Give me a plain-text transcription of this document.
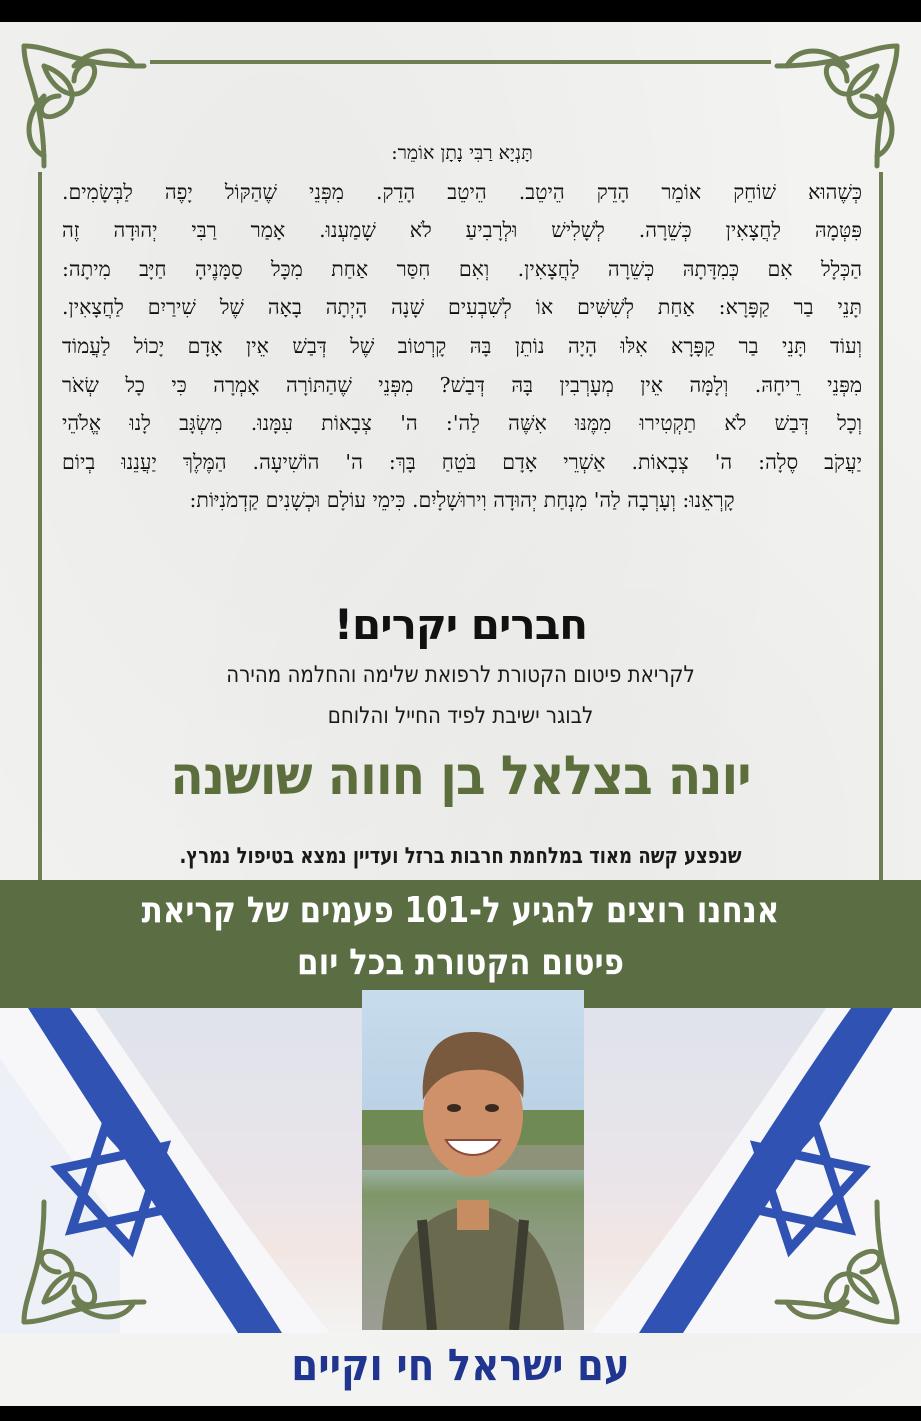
תָּנְיָא רַבִּי נָתָן אוֹמֵר:
כְּשֶׁהוּא שׁוֹחֵק אוֹמֵר הָדֵק הֵיטֵב. הֵיטֵב הָדֵק. מִפְּנֵי שֶׁהַקּוֹל יָפֶה לַבְּשָׂמִים.
פִּטְּמָהּ לַחֲצָאִין כְּשֵׁרָה. לְשָׁלִישׁ וּלְרָבִיעַ לֹא שָׁמַעְנוּ. אָמַר רַבִּי יְהוּדָה זֶה
הַכְּלָל אִם כְּמִדָּתָהּ כְּשֵׁרָה לַחֲצָאִין. וְאִם חִסַּר אַחַת מִכָּל סַמָּנֶיהָ חַיָּב מִיתָה:
תָּנֵי בַר קַפָּרָא: אַחַת לְשִׁשִּׁים אוֹ לְשִׁבְעִים שָׁנָה הָיְתָה בָאָה שֶׁל שִׁירַיִם לַחֲצָאִין.
וְעוֹד תָּנֵי בַר קַפָּרָא אִלּוּ הָיָה נוֹתֵן בָּהּ קָרְטוֹב שֶׁל דְּבַשׁ אֵין אָדָם יָכוֹל לַעֲמוֹד
מִפְּנֵי רֵיחָהּ. וְלָמָּה אֵין מְעָרְבִין בָּהּ דְּבַשׁ? מִפְּנֵי שֶׁהַתּוֹרָה אָמְרָה כִּי כָל שְׂאֹר
וְכָל דְּבַשׁ לֹא תַקְטִירוּ מִמֶּנּוּ אִשֶּׁה לַה': ה' צְבָאוֹת עִמָּנוּ. מִשְׂגָּב לָנוּ אֱלֹהֵי
יַעֲקֹב סֶלָה: ה' צְבָאוֹת. אַשְׁרֵי אָדָם בֹּטֵחַ בָּךְ: ה' הוֹשִׁיעָה. הַמֶּלֶךְ יַעֲנֵנוּ בְיוֹם
קָרְאֵנוּ: וְעָרְבָה לַה' מִנְחַת יְהוּדָה וִירוּשָׁלָיִם. כִּימֵי עוֹלָם וּכְשָׁנִים קַדְמֹנִיּוֹת:
חברים יקרים!
לקריאת פיטום הקטורת לרפואת שלימה והחלמה מהירה
לבוגר ישיבת לפיד החייל והלוחם
יונה בצלאל בן חווה שושנה
שנפצע קשה מאוד במלחמת חרבות ברזל ועדיין נמצא בטיפול נמרץ.
אנחנו רוצים להגיע ל-101 פעמים של קריאת
פיטום הקטורת בכל יום
עם ישראל חי וקיים
